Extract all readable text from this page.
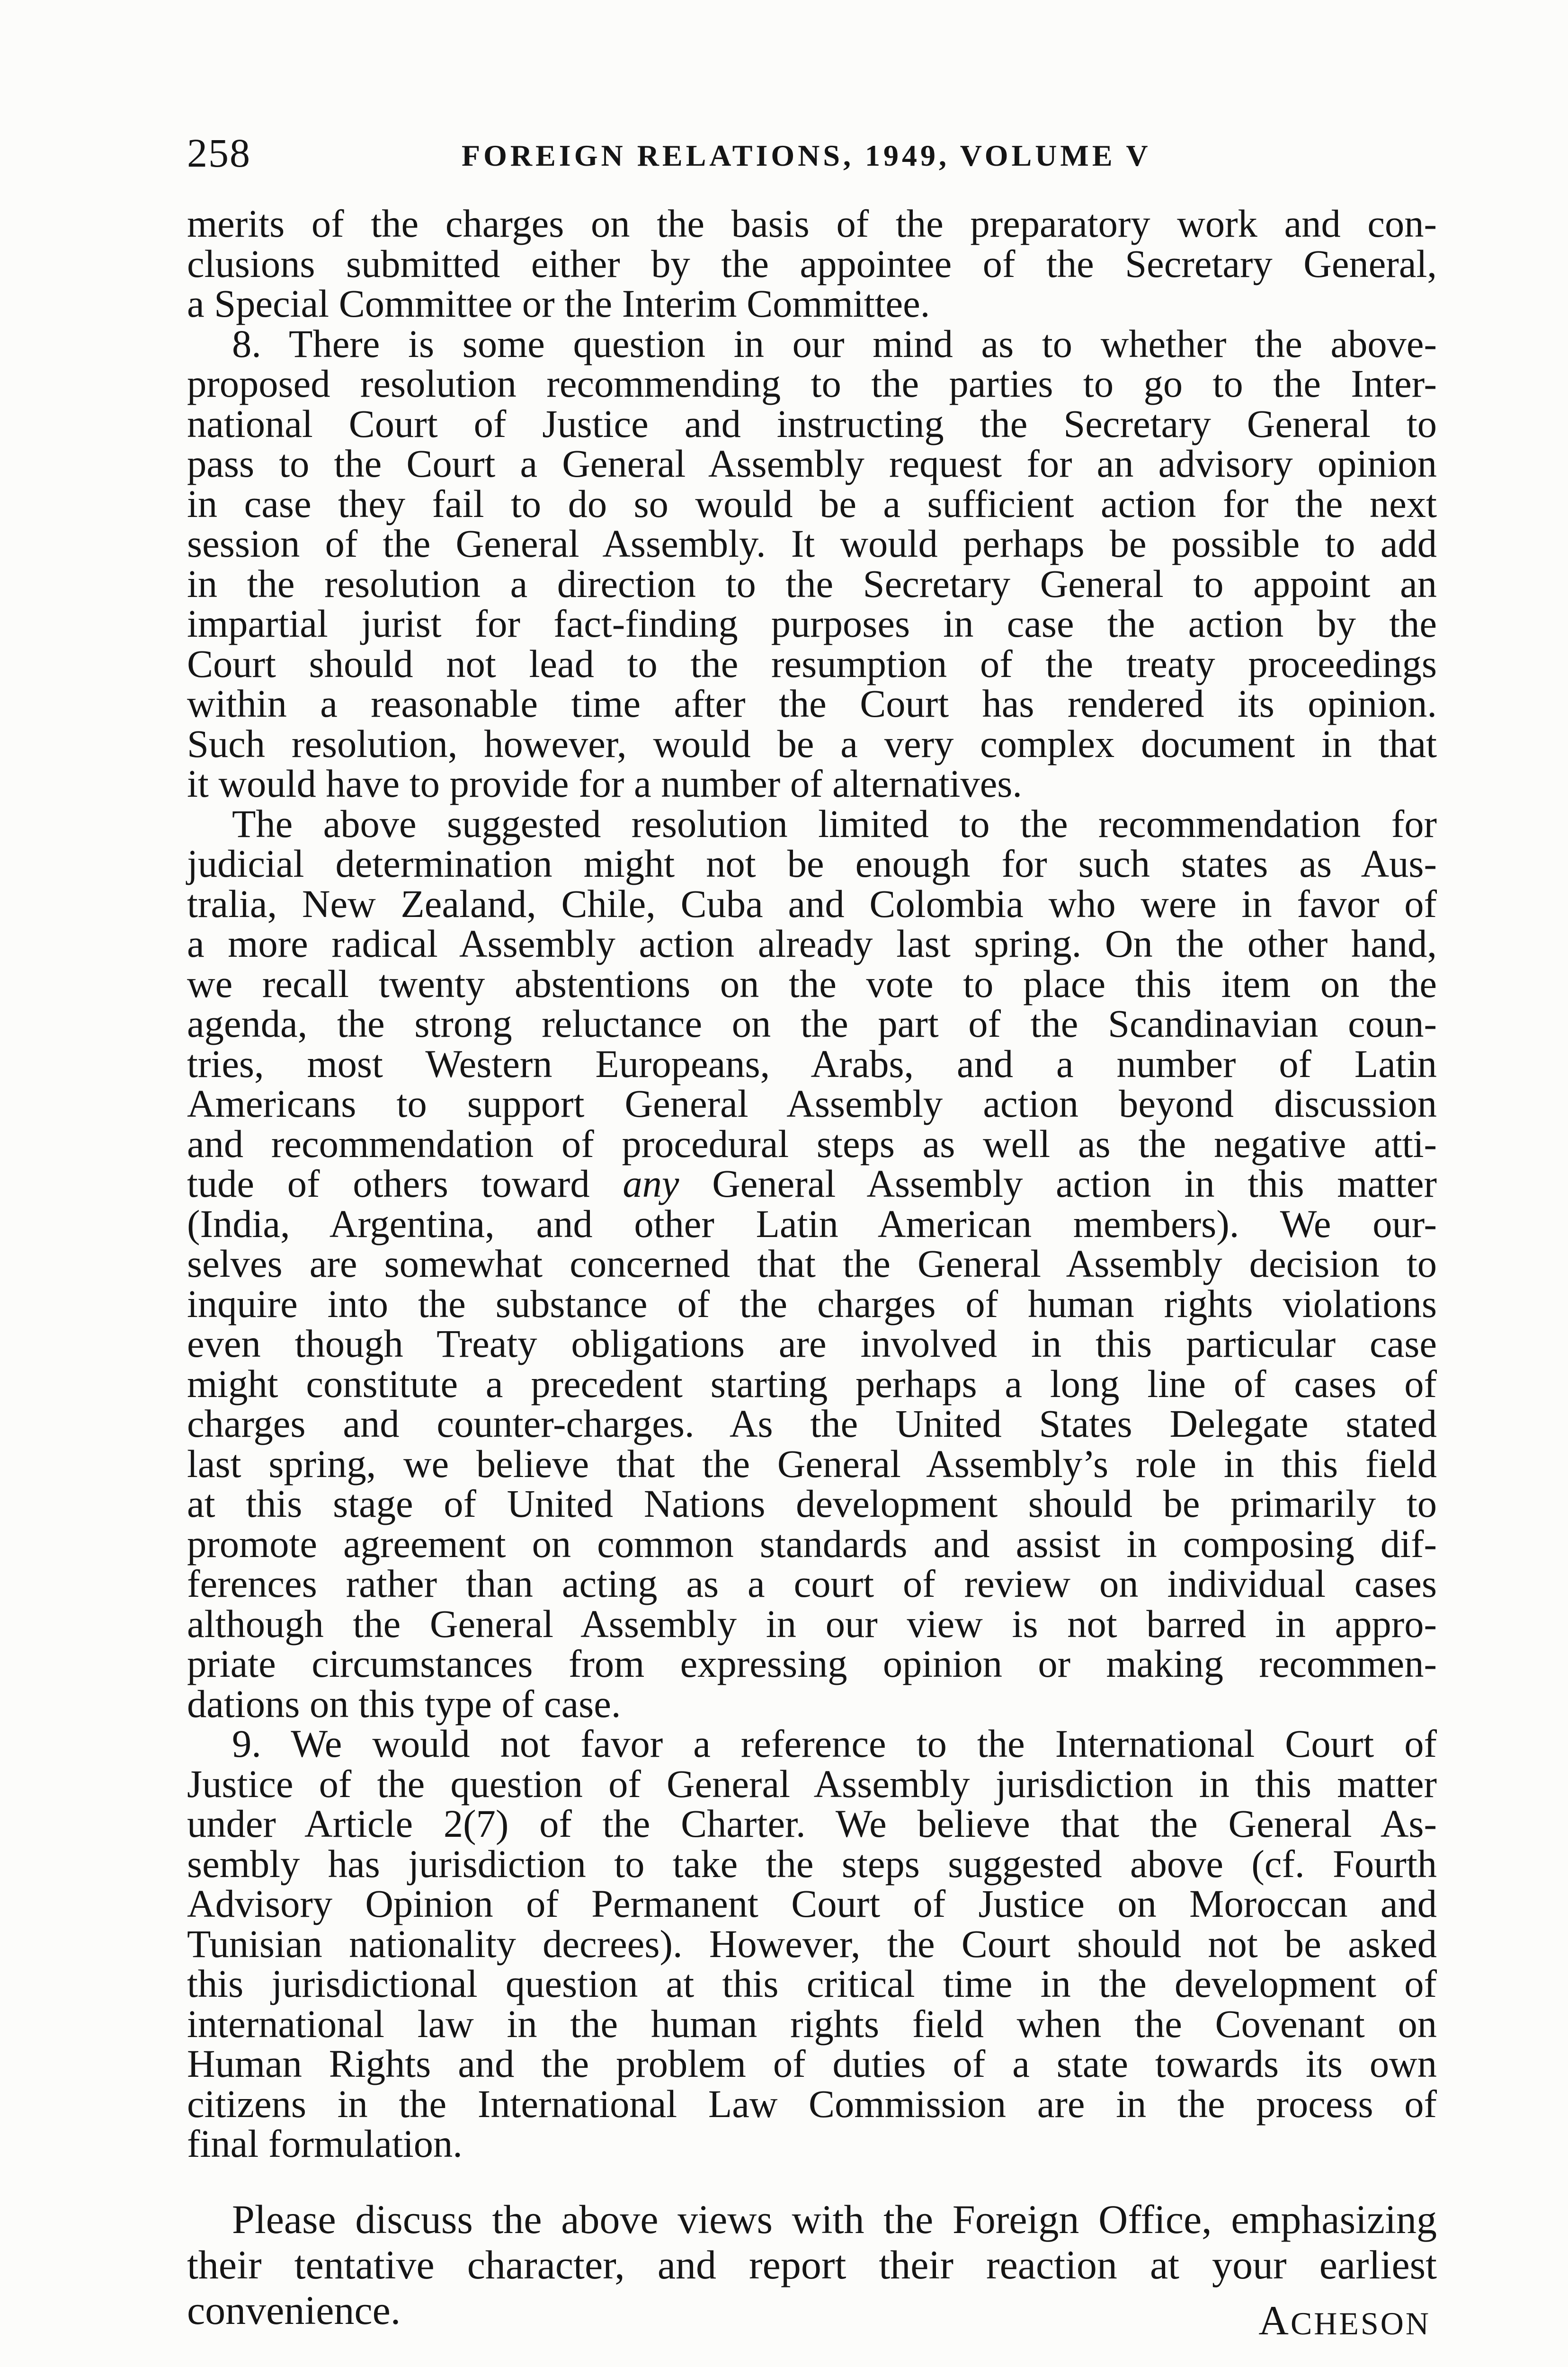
258	FOREIGN RELATIONS, 1949, VOLUME V
merits of the charges on the basis of the preparatory work and con-
clusions submitted either by the appointee of the Secretary General,
a Special Committee or the Interim Committee.
8. There is some question in our mind as to whether the above-
proposed resolution recommending to the parties to go to the Inter-
national Court of Justice and instructing the Secretary General to
pass to the Court a General Assembly request for an advisory opinion
in case they fail to do so would be a sufficient action for the next
session of the General Assembly. It would perhaps be possible to add
in the resolution a direction to the Secretary General to appoint an
impartial jurist for fact-finding purposes in case the action by the
Court should not lead to the resumption of the treaty proceedings
within a reasonable time after the Court has rendered its opinion.
Such resolution, however, would be a very complex document in that
it would have to provide for a number of alternatives.
The above suggested resolution limited to the recommendation for
judicial determination might not be enough for such states as Aus-
tralia, New Zealand, Chile, Cuba and Colombia who were in favor of
a more radical Assembly action already last spring. On the other hand,
we recall twenty abstentions on the vote to place this item on the
agenda, the strong reluctance on the part of the Scandinavian coun-
tries, most Western Europeans, Arabs, and a number of Latin
Americans to support General Assembly action beyond discussion
and recommendation of procedural steps as well as the negative atti-
tude of others toward any General Assembly action in this matter
(India, Argentina, and other Latin American members). We our-
selves are somewhat concerned that the General Assembly decision to
inquire into the substance of the charges of human rights violations
even though Treaty obligations are involved in this particular case
might constitute a precedent starting perhaps a long line of cases of
charges and counter-charges. As the United States Delegate stated
last spring, we believe that the General Assembly’s role in this field
at this stage of United Nations development should be primarily to
promote agreement on common standards and assist in composing dif-
ferences rather than acting as a court of review on individual cases
although the General Assembly in our view is not barred in appro-
priate circumstances from expressing opinion or making recommen-
dations on this type of case.
9. We would not favor a reference to the International Court of
Justice of the question of General Assembly jurisdiction in this matter
under Article 2(7) of the Charter. We believe that the General As-
sembly has jurisdiction to take the steps suggested above (cf. Fourth
Advisory Opinion of Permanent Court of Justice on Moroccan and
Tunisian nationality decrees). However, the Court should not be asked
this jurisdictional question at this critical time in the development of
international law in the human rights field when the Covenant on
Human Rights and the problem of duties of a state towards its own
citizens in the International Law Commission are in the process of
final formulation.
Please discuss the above views with the Foreign Office, emphasizing
their tentative character, and report their reaction at your earliest
convenience.	ACHESON
